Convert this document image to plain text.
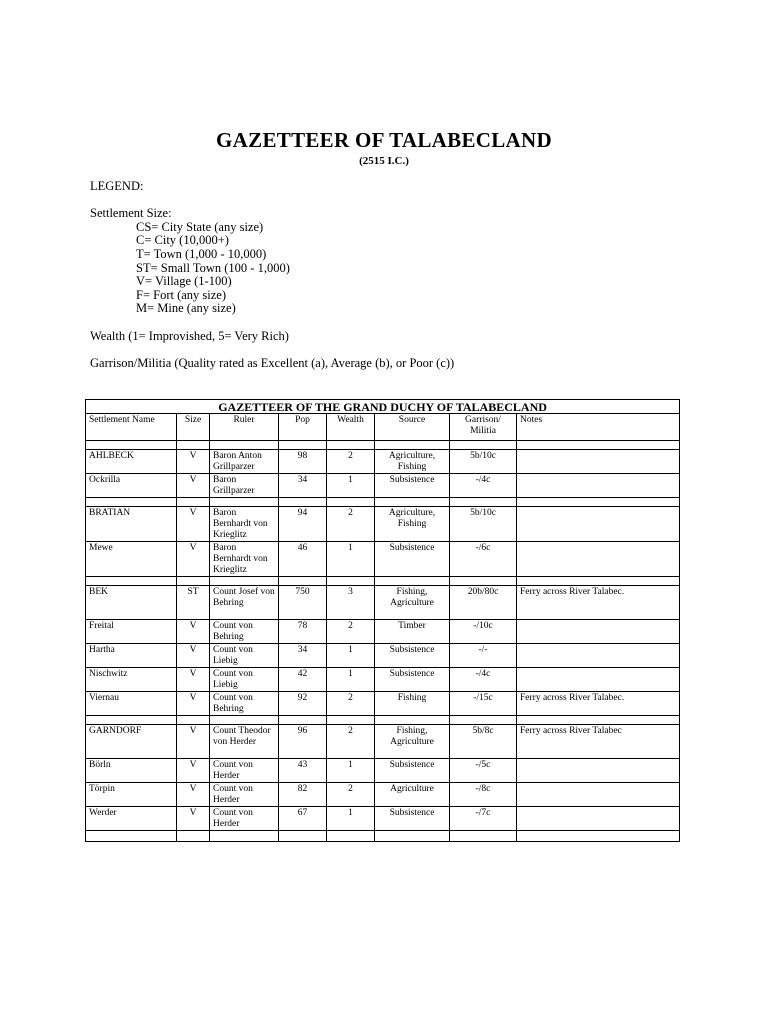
GAZETTEER OF TALABECLAND
(2515 I.C.)

LEGEND:

Settlement Size:

CS= City State (any size)

C= City (10,000+)

T= Town (1,000 - 10,000)

ST= Small Town (100 - 1,000)

V= Village (1-100)

F= Fort (any size)

M= Mine (any size)

Wealth (1= Improvished, 5= Very Rich)

Garrison/Militia (Quality rated as Excellent (a), Average (b), or Poor (c))

GAZETTEER OF THE GRAND DUCHY OF TALABECLAND							
Settlement Name	Size	Ruler	Pop	Wealth	Source	Garrison/ Militia	Notes

AHLBECK	V	Baron Anton Grillparzer	98	2	Agriculture, Fishing	5b/10c	
Ockrilla	V	Baron Grillparzer	34	1	Subsistence	-/4c	

BRATIAN	V	Baron Bernhardt von Krieglitz	94	2	Agriculture, Fishing	5b/10c	
Mewe	V	Baron Bernhardt von Krieglitz	46	1	Subsistence	-/6c	

BEK	ST	Count Josef von Behring	750	3	Fishing, Agriculture	20b/80c	Ferry across River Talabec.
Freital	V	Count von Behring	78	2	Timber	-/10c	
Hartha	V	Count von Liebig	34	1	Subsistence	-/-	
Nischwitz	V	Count von Liebig	42	1	Subsistence	-/4c	
Viernau	V	Count von Behring	92	2	Fishing	-/15c	Ferry across River Talabec.

GARNDORF	V	Count Theodor von Herder	96	2	Fishing, Agriculture	5b/8c	Ferry across River Talabec
Börln	V	Count von Herder	43	1	Subsistence	-/5c	
Törpin	V	Count von Herder	82	2	Agriculture	-/8c	
Werder	V	Count von Herder	67	1	Subsistence	-/7c	
